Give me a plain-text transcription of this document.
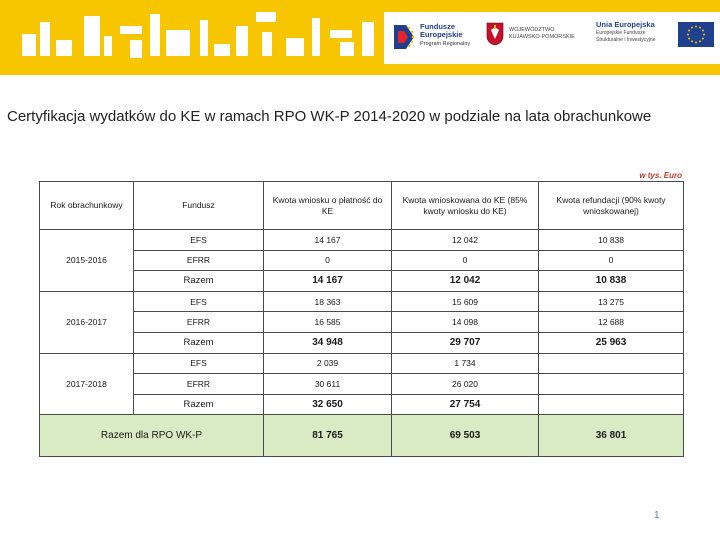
Fundusze
Europejskie
Program Regionalny
WOJEWÓDZTWO
KUJAWSKO-POMORSKIE
Unia Europejska
Europejskie Fundusze
Strukturalne i Inwestycyjne
Certyfikacja wydatków do KE w ramach RPO WK-P 2014-2020 w podziale na lata obrachunkowe
w tys. Euro
Rok obrachunkowy	Fundusz	Kwota wniosku o płatność do KE	Kwota wnioskowana do KE (85% kwoty wniosku do KE)	Kwota refundacji (90% kwoty wnioskowanej)
2015-2016	EFS	14 167	12 042	10 838
	EFRR	0	0	0
	Razem	14 167	12 042	10 838
2016-2017	EFS	18 363	15 609	13 275
	EFRR	16 585	14 098	12 688
	Razem	34 948	29 707	25 963
2017-2018	EFS	2 039	1 734	
	EFRR	30 611	26 020	
	Razem	32 650	27 754	
Razem dla RPO WK-P		81 765	69 503	36 801
1
